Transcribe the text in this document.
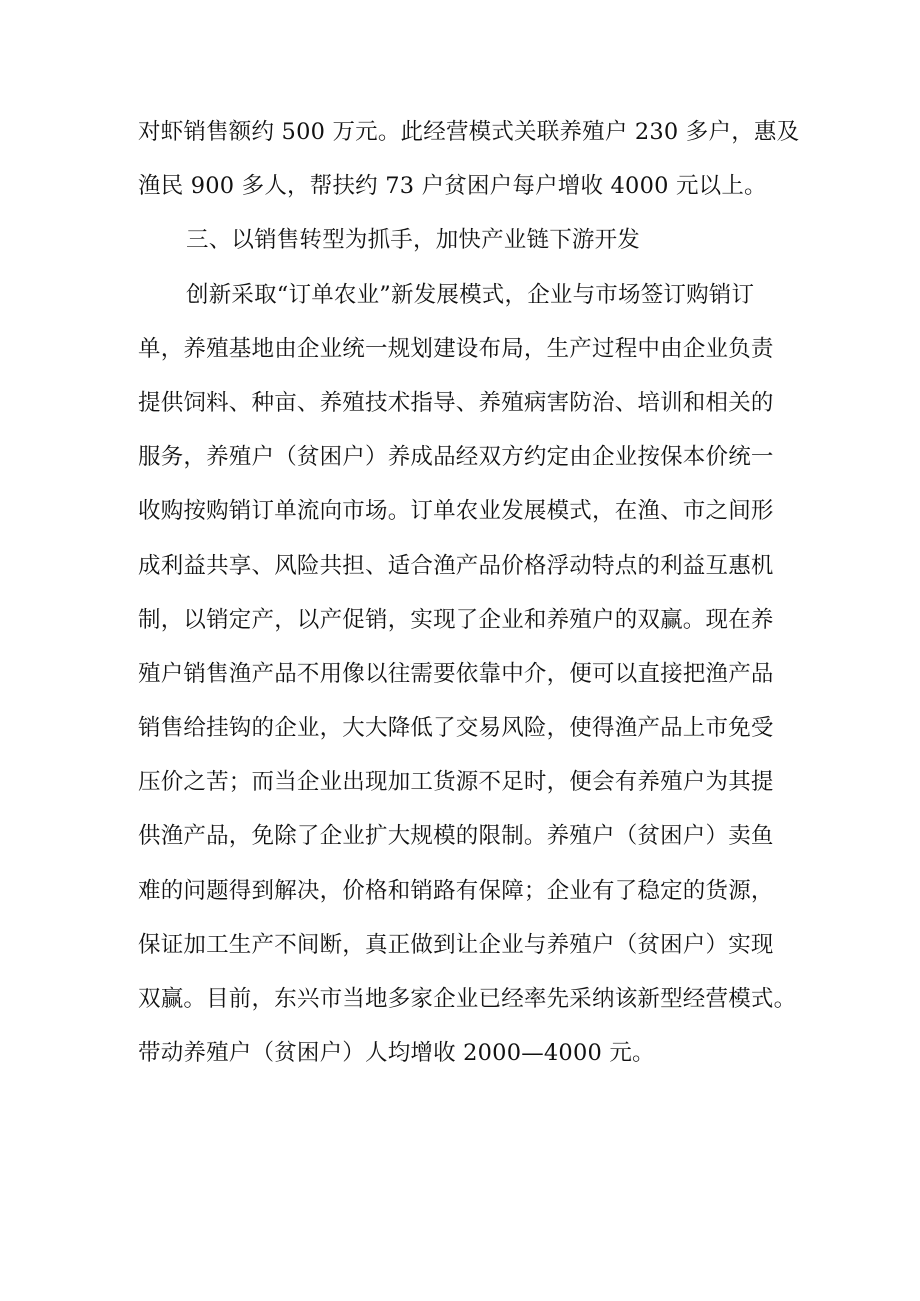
对虾销售额约 500 万元。此经营模式关联养殖户 230 多户，惠及
渔民 900 多人，帮扶约 73 户贫困户每户增收 4000 元以上。
三、以销售转型为抓手，加快产业链下游开发
创新采取“订单农业”新发展模式，企业与市场签订购销订
单，养殖基地由企业统一规划建设布局，生产过程中由企业负责
提供饲料、种亩、养殖技术指导、养殖病害防治、培训和相关的
服务，养殖户（贫困户）养成品经双方约定由企业按保本价统一
收购按购销订单流向市场。订单农业发展模式，在渔、市之间形
成利益共享、风险共担、适合渔产品价格浮动特点的利益互惠机
制，以销定产，以产促销，实现了企业和养殖户的双赢。现在养
殖户销售渔产品不用像以往需要依靠中介，便可以直接把渔产品
销售给挂钩的企业，大大降低了交易风险，使得渔产品上市免受
压价之苦；而当企业出现加工货源不足时，便会有养殖户为其提
供渔产品，免除了企业扩大规模的限制。养殖户（贫困户）卖鱼
难的问题得到解决，价格和销路有保障；企业有了稳定的货源，
保证加工生产不间断，真正做到让企业与养殖户（贫困户）实现
双赢。目前，东兴市当地多家企业已经率先采纳该新型经营模式。
带动养殖户（贫困户）人均增收 2000—4000 元。
